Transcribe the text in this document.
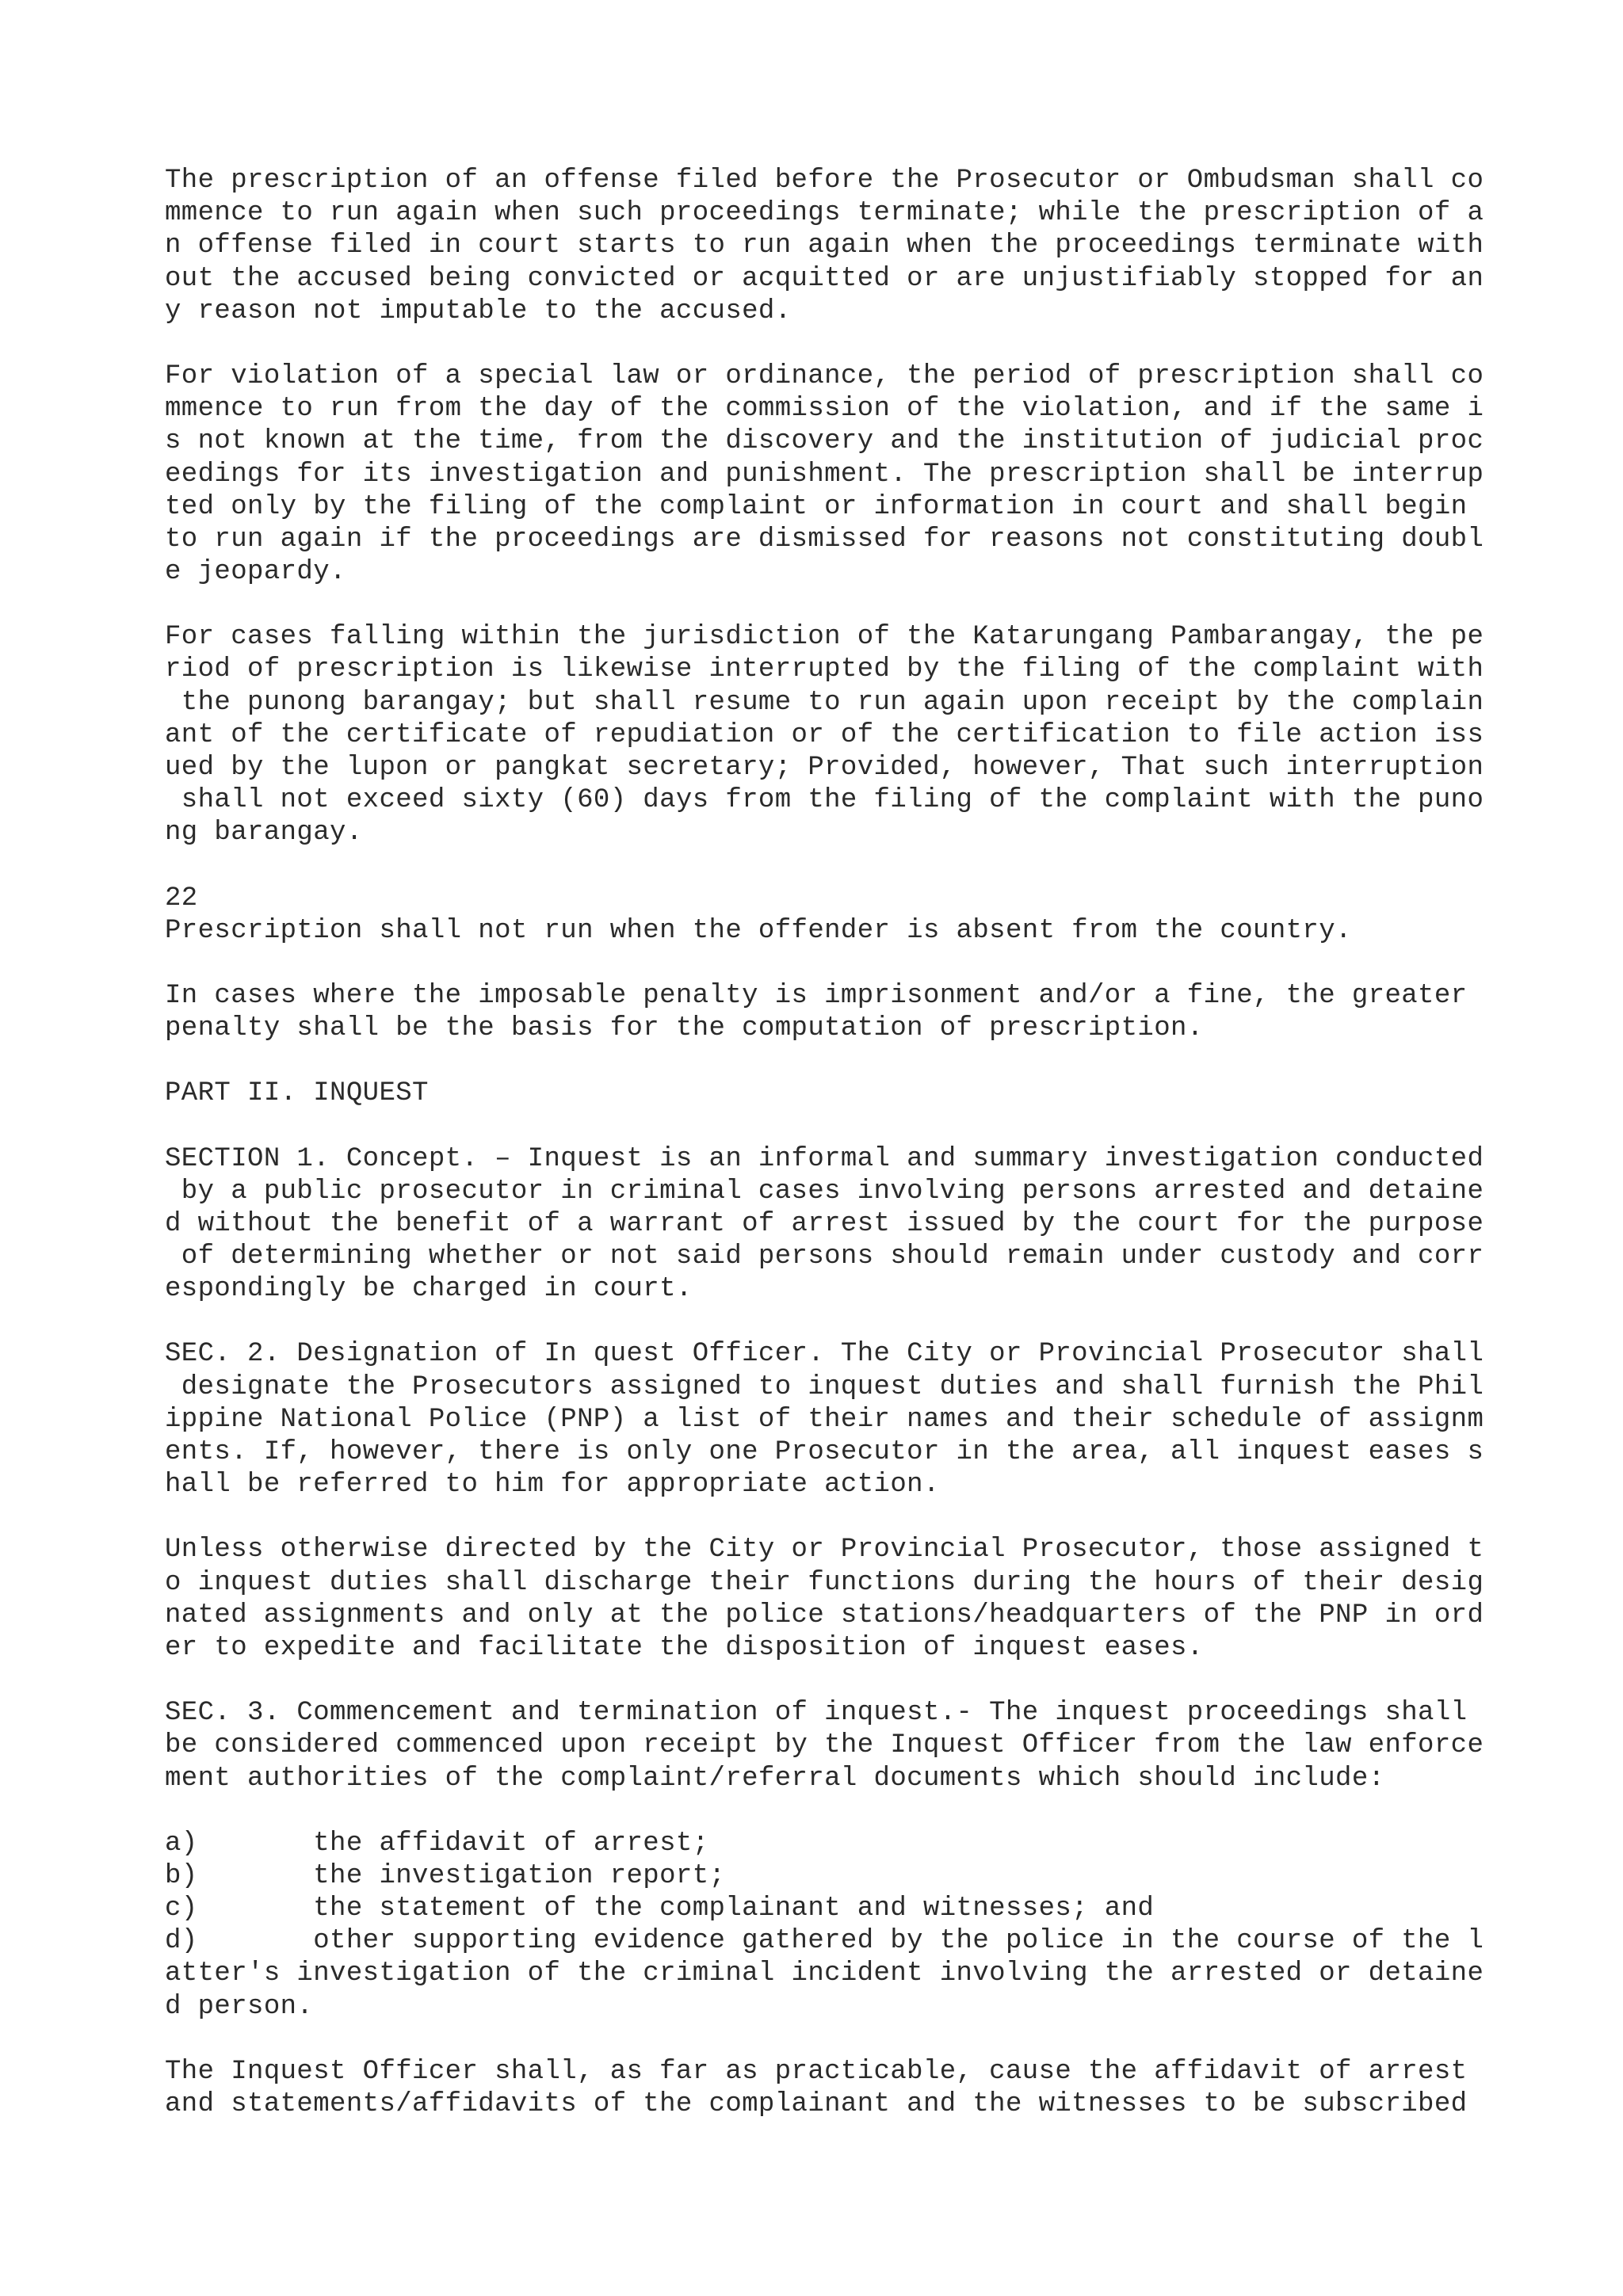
The prescription of an offense filed before the Prosecutor or Ombudsman shall co
mmence to run again when such proceedings terminate; while the prescription of a
n offense filed in court starts to run again when the proceedings terminate with
out the accused being convicted or acquitted or are unjustifiably stopped for an
y reason not imputable to the accused.
For violation of a special law or ordinance, the period of prescription shall co
mmence to run from the day of the commission of the violation, and if the same i
s not known at the time, from the discovery and the institution of judicial proc
eedings for its investigation and punishment. The prescription shall be interrup
ted only by the filing of the complaint or information in court and shall begin
to run again if the proceedings are dismissed for reasons not constituting doubl
e jeopardy.
For cases falling within the jurisdiction of the Katarungang Pambarangay, the pe
riod of prescription is likewise interrupted by the filing of the complaint with
the punong barangay; but shall resume to run again upon receipt by the complain
ant of the certificate of repudiation or of the certification to file action iss
ued by the lupon or pangkat secretary; Provided, however, That such interruption
shall not exceed sixty (60) days from the filing of the complaint with the puno
ng barangay.
22
Prescription shall not run when the offender is absent from the country.
In cases where the imposable penalty is imprisonment and/or a fine, the greater
penalty shall be the basis for the computation of prescription.
PART II. INQUEST
SECTION 1. Concept. – Inquest is an informal and summary investigation conducted
by a public prosecutor in criminal cases involving persons arrested and detaine
d without the benefit of a warrant of arrest issued by the court for the purpose
of determining whether or not said persons should remain under custody and corr
espondingly be charged in court.
SEC. 2. Designation of In quest Officer. The City or Provincial Prosecutor shall
designate the Prosecutors assigned to inquest duties and shall furnish the Phil
ippine National Police (PNP) a list of their names and their schedule of assignm
ents. If, however, there is only one Prosecutor in the area, all inquest eases s
hall be referred to him for appropriate action.
Unless otherwise directed by the City or Provincial Prosecutor, those assigned t
o inquest duties shall discharge their functions during the hours of their desig
nated assignments and only at the police stations/headquarters of the PNP in ord
er to expedite and facilitate the disposition of inquest eases.
SEC. 3. Commencement and termination of inquest.- The inquest proceedings shall
be considered commenced upon receipt by the Inquest Officer from the law enforce
ment authorities of the complaint/referral documents which should include:
a)       the affidavit of arrest;
b)       the investigation report;
c)       the statement of the complainant and witnesses; and
d)       other supporting evidence gathered by the police in the course of the l
atter's investigation of the criminal incident involving the arrested or detaine
d person.
The Inquest Officer shall, as far as practicable, cause the affidavit of arrest
and statements/affidavits of the complainant and the witnesses to be subscribed
